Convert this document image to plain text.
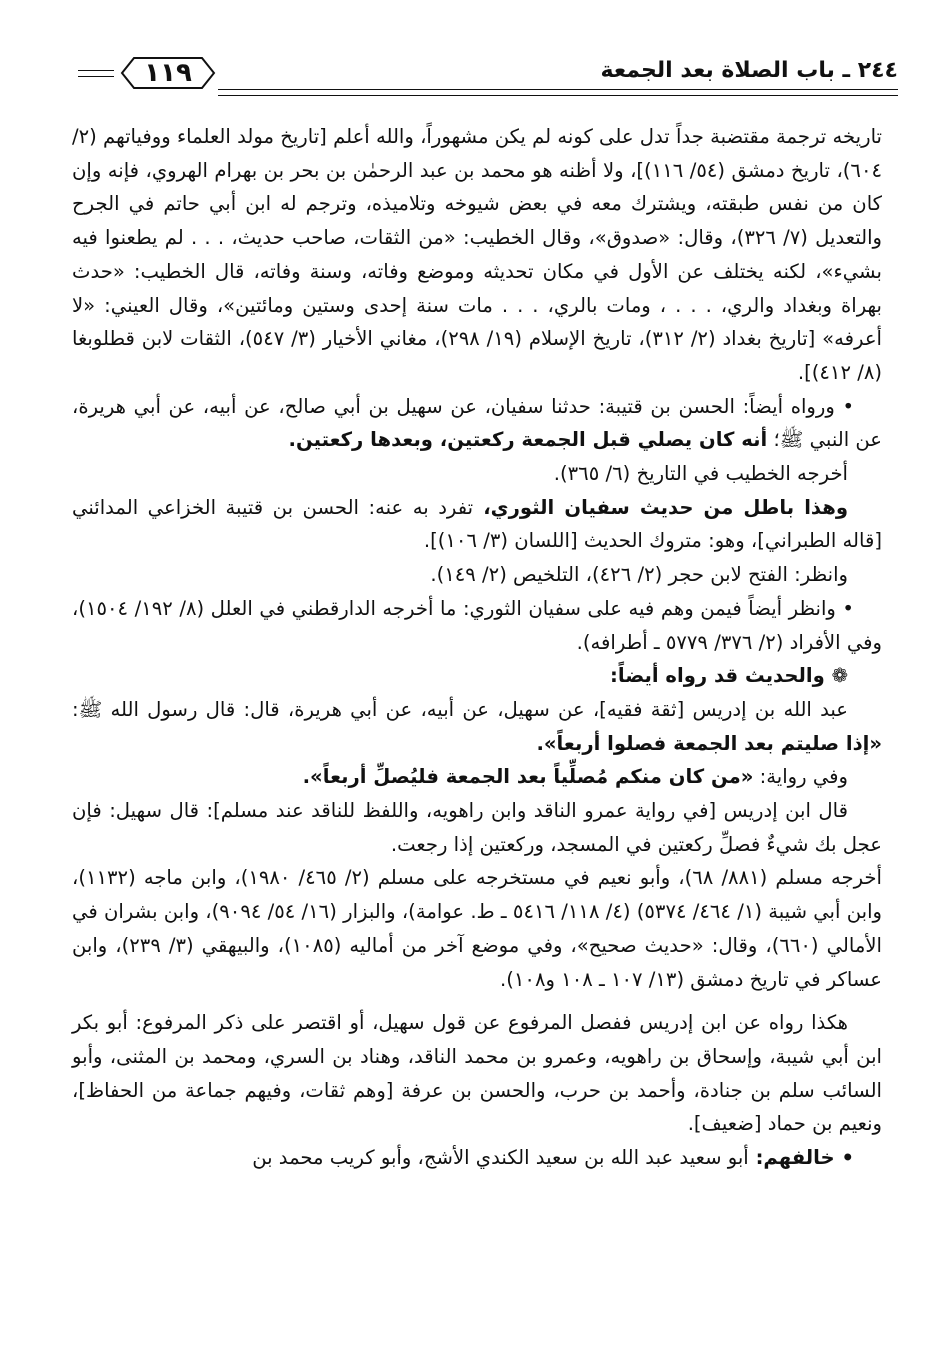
٢٤٤ ـ باب الصلاة بعد الجمعة
١١٩

تاريخه ترجمة مقتضبة جداً تدل على كونه لم يكن مشهوراً، والله أعلم [تاريخ مولد العلماء ووفياتهم (٢/ ٦٠٤)، تاريخ دمشق (٥٤/ ١١٦)]، ولا أظنه هو محمد بن عبد الرحمٰن بن بحر بن بهرام الهروي، فإنه وإن كان من نفس طبقته، ويشترك معه في بعض شيوخه وتلاميذه، وترجم له ابن أبي حاتم في الجرح والتعديل (٧/ ٣٢٦)، وقال: «صدوق»، وقال الخطيب: «من الثقات، صاحب حديث، . . . لم يطعنوا فيه بشيء»، لكنه يختلف عن الأول في مكان تحديثه وموضع وفاته، وسنة وفاته، قال الخطيب: «حدث بهراة وبغداد والري، . . . ، ومات بالري، . . . مات سنة إحدى وستين ومائتين»، وقال العيني: «لا أعرفه» [تاريخ بغداد (٢/ ٣١٢)، تاريخ الإسلام (١٩/ ٢٩٨)، مغاني الأخيار (٣/ ٥٤٧)، الثقات لابن قطلوبغا (٨/ ٤١٢)].

• ورواه أيضاً: الحسن بن قتيبة: حدثنا سفيان، عن سهيل بن أبي صالح، عن أبيه، عن أبي هريرة، عن النبي ﷺ؛ أنه كان يصلي قبل الجمعة ركعتين، وبعدها ركعتين.

أخرجه الخطيب في التاريخ (٦/ ٣٦٥).

وهذا باطل من حديث سفيان الثوري، تفرد به عنه: الحسن بن قتيبة الخزاعي المدائني [قاله الطبراني]، وهو: متروك الحديث [اللسان (٣/ ١٠٦)].

وانظر: الفتح لابن حجر (٢/ ٤٢٦)، التلخيص (٢/ ١٤٩).

• وانظر أيضاً فيمن وهم فيه على سفيان الثوري: ما أخرجه الدارقطني في العلل (٨/ ١٩٢/ ١٥٠٤)، وفي الأفراد (٢/ ٣٧٦/ ٥٧٧٩ ـ أطرافه).

❁ والحديث قد رواه أيضاً:

عبد الله بن إدريس [ثقة فقيه]، عن سهيل، عن أبيه، عن أبي هريرة، قال: قال رسول الله ﷺ: «إذا صليتم بعد الجمعة فصلوا أربعاً».

وفي رواية: «من كان منكم مُصلِّياً بعد الجمعة فليُصلِّ أربعاً».

قال ابن إدريس [في رواية عمرو الناقد وابن راهويه، واللفظ للناقد عند مسلم]: قال سهيل: فإن عجل بك شيءٌ فصلِّ ركعتين في المسجد، وركعتين إذا رجعت.

أخرجه مسلم (٨٨١/ ٦٨)، وأبو نعيم في مستخرجه على مسلم (٢/ ٤٦٥/ ١٩٨٠)، وابن ماجه (١١٣٢)، وابن أبي شيبة (١/ ٤٦٤/ ٥٣٧٤) (٤/ ١١٨/ ٥٤١٦ ـ ط. عوامة)، والبزار (١٦/ ٥٤/ ٩٠٩٤)، وابن بشران في الأمالي (٦٦٠)، وقال: «حديث صحيح»، وفي موضع آخر من أماليه (١٠٨٥)، والبيهقي (٣/ ٢٣٩)، وابن عساكر في تاريخ دمشق (١٣/ ١٠٧ ـ ١٠٨ و١٠٨).

هكذا رواه عن ابن إدريس ففصل المرفوع عن قول سهيل، أو اقتصر على ذكر المرفوع: أبو بكر ابن أبي شيبة، وإسحاق بن راهويه، وعمرو بن محمد الناقد، وهناد بن السري، ومحمد بن المثنى، وأبو السائب سلم بن جنادة، وأحمد بن حرب، والحسن بن عرفة [وهم ثقات، وفيهم جماعة من الحفاظ]، ونعيم بن حماد [ضعيف].

• خالفهم: أبو سعيد عبد الله بن سعيد الكندي الأشج، وأبو كريب محمد بن
